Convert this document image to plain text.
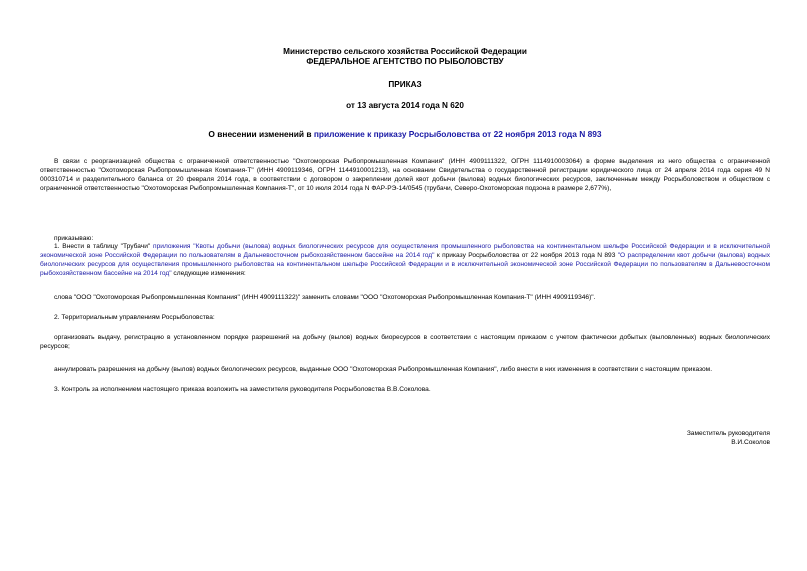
Министерство сельского хозяйства Российской Федерации
ФЕДЕРАЛЬНОЕ АГЕНТСТВО ПО РЫБОЛОВСТВУ
ПРИКАЗ
от 13 августа 2014 года N 620
О внесении изменений в приложение к приказу Росрыболовства от 22 ноября 2013 года N 893
В связи с реорганизацией общества с ограниченной ответственностью "Охотоморская Рыбопромышленная Компания" (ИНН 4909111322, ОГРН 1114910003064) в форме выделения из него общества с ограниченной ответственностью "Охотоморская Рыбопромышленная Компания-Т" (ИНН 4909119346, ОГРН 1144910001213), на основании Свидетельства о государственной регистрации юридического лица от 24 апреля 2014 года серия 49 N 000310714 и разделительного баланса от 20 февраля 2014 года, в соответствии с договором о закреплении долей квот добычи (вылова) водных биологических ресурсов, заключенным между Росрыболовством и обществом с ограниченной ответственностью "Охотоморская Рыбопромышленная Компания-Т", от 10 июля 2014 года N ФАР-РЭ-14/0545 (трубачи, Северо-Охотоморская подзона в размере 2,677%),
приказываю:
1. Внести в таблицу "Трубачи" приложения "Квоты добычи (вылова) водных биологических ресурсов для осуществления промышленного рыболовства на континентальном шельфе Российской Федерации и в исключительной экономической зоне Российской Федерации по пользователям в Дальневосточном рыбохозяйственном бассейне на 2014 год" к приказу Росрыболовства от 22 ноября 2013 года N 893 "О распределении квот добычи (вылова) водных биологических ресурсов для осуществления промышленного рыболовства на континентальном шельфе Российской Федерации и в исключительной экономической зоне Российской Федерации по пользователям в Дальневосточном рыбохозяйственном бассейне на 2014 год" следующие изменения:
слова "ООО "Охотоморская Рыбопромышленная Компания" (ИНН 4909111322)" заменить словами "ООО "Охотоморская Рыбопромышленная Компания-Т" (ИНН 4909119346)".
2. Территориальным управлениям Росрыболовства:
организовать выдачу, регистрацию в установленном порядке разрешений на добычу (вылов) водных биоресурсов в соответствии с настоящим приказом с учетом фактически добытых (выловленных) водных биологических ресурсов;
аннулировать разрешения на добычу (вылов) водных биологических ресурсов, выданные ООО "Охотоморская Рыбопромышленная Компания", либо внести в них изменения в соответствии с настоящим приказом.
3. Контроль за исполнением настоящего приказа возложить на заместителя руководителя Росрыболовства В.В.Соколова.
Заместитель руководителя
В.И.Соколов
